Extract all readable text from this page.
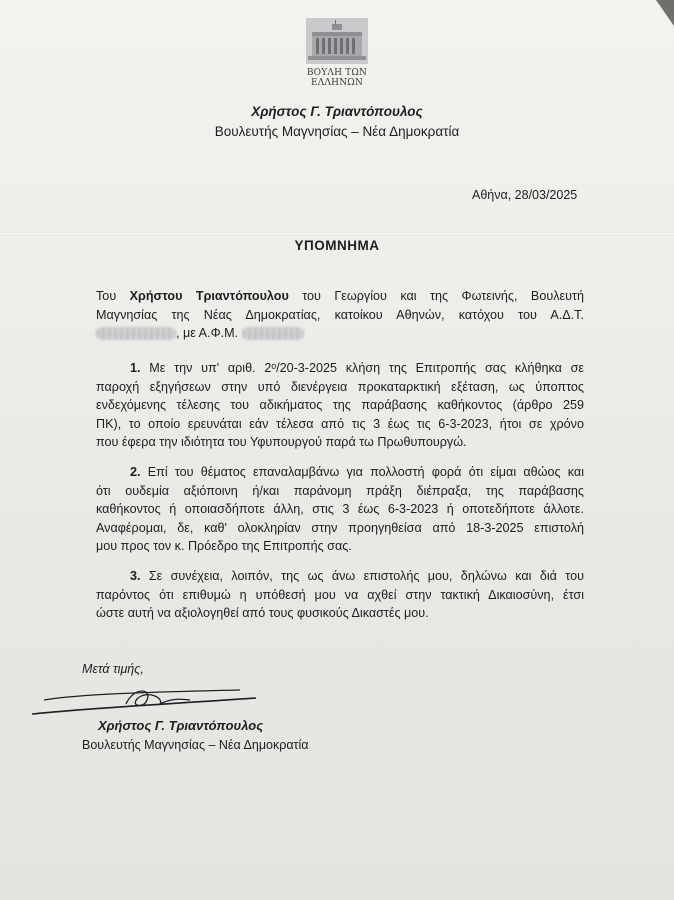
ΒΟΥΛΗ ΤΩΝ ΕΛΛΗΝΩΝ
Χρήστος Γ. Τριαντόπουλος
Βουλευτής Μαγνησίας – Νέα Δημοκρατία
Αθήνα, 28/03/2025
ΥΠΟΜΝΗΜΑ
Του Χρήστου Τριαντόπουλου του Γεωργίου και της Φωτεινής, Βουλευτή
Μαγνησίας της Νέας Δημοκρατίας, κατοίκου Αθηνών, κατόχου του Α.Δ.Τ.
, με Α.Φ.Μ.
1. Με την υπ' αριθ. 2ᵒ/20-3-2025 κλήση της Επιτροπής σας κλήθηκα σε
παροχή εξηγήσεων στην υπό διενέργεια προκαταρκτική εξέταση, ως ύποπτος
ενδεχόμενης τέλεσης του αδικήματος της παράβασης καθήκοντος (άρθρο 259
ΠΚ), το οποίο ερευνάται εάν τέλεσα από τις 3 έως τις 6-3-2023, ήτοι σε χρόνο
που έφερα την ιδιότητα του Υφυπουργού παρά τω Πρωθυπουργώ.
2. Επί του θέματος επαναλαμβάνω για πολλοστή φορά ότι είμαι αθώος και
ότι ουδεμία αξιόποινη ή/και παράνομη πράξη διέπραξα, της παράβασης
καθήκοντος ή οποιασδήποτε άλλη, στις 3 έως 6-3-2023 ή οποτεδήποτε άλλοτε.
Αναφέρομαι, δε, καθ' ολοκληρίαν στην προηγηθείσα από 18-3-2025 επιστολή
μου προς τον κ. Πρόεδρο της Επιτροπής σας.
3. Σε συνέχεια, λοιπόν, της ως άνω επιστολής μου, δηλώνω και διά του
παρόντος ότι επιθυμώ η υπόθεσή μου να αχθεί στην τακτική Δικαιοσύνη, έτσι
ώστε αυτή να αξιολογηθεί από τους φυσικούς Δικαστές μου.
Μετά τιμής,
Χρήστος Γ. Τριαντόπουλος
Βουλευτής Μαγνησίας – Νέα Δημοκρατία
